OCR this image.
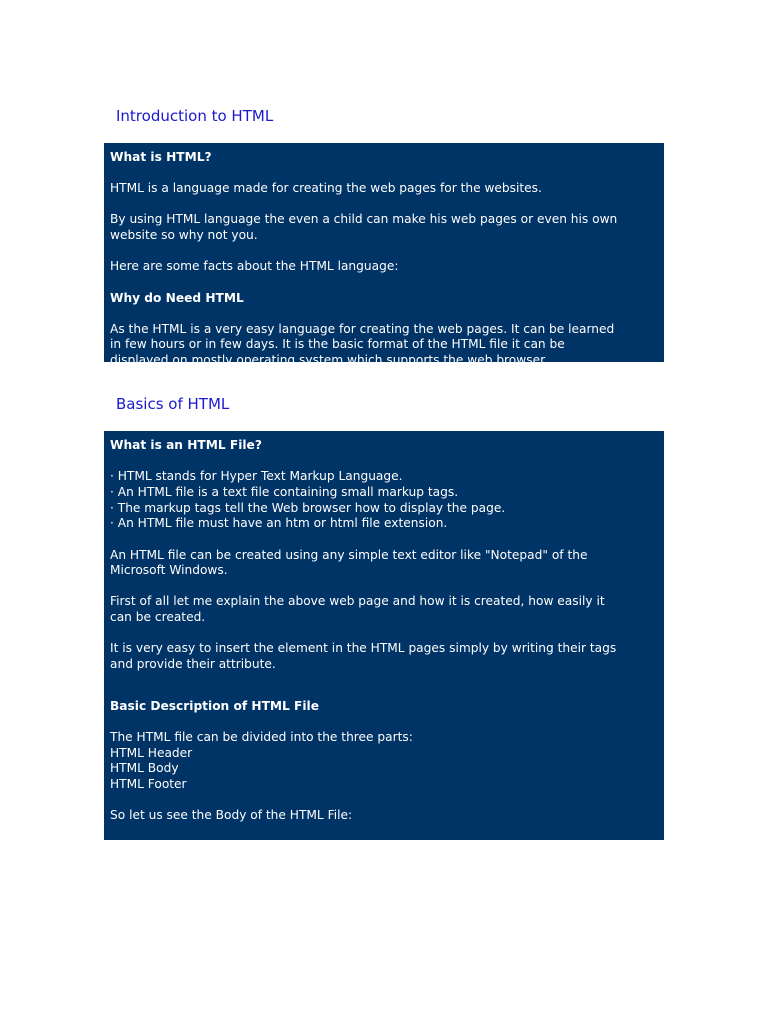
Introduction to HTML

What is HTML?

HTML is a language made for creating the web pages for the websites.

By using HTML language the even a child can make his web pages or even his own
website so why not you.

Here are some facts about the HTML language:

Why do Need HTML

As the HTML is a very easy language for creating the web pages. It can be learned
in few hours or in few days. It is the basic format of the HTML file it can be
displayed on mostly operating system which supports the web browser.

Basics of HTML

What is an HTML File?

· HTML stands for Hyper Text Markup Language.
· An HTML file is a text file containing small markup tags.
· The markup tags tell the Web browser how to display the page.
· An HTML file must have an htm or html file extension.

An HTML file can be created using any simple text editor like "Notepad" of the
Microsoft Windows.

First of all let me explain the above web page and how it is created, how easily it
can be created.

It is very easy to insert the element in the HTML pages simply by writing their tags
and provide their attribute.

Basic Description of HTML File

The HTML file can be divided into the three parts:
HTML Header
HTML Body
HTML Footer

So let us see the Body of the HTML File:
